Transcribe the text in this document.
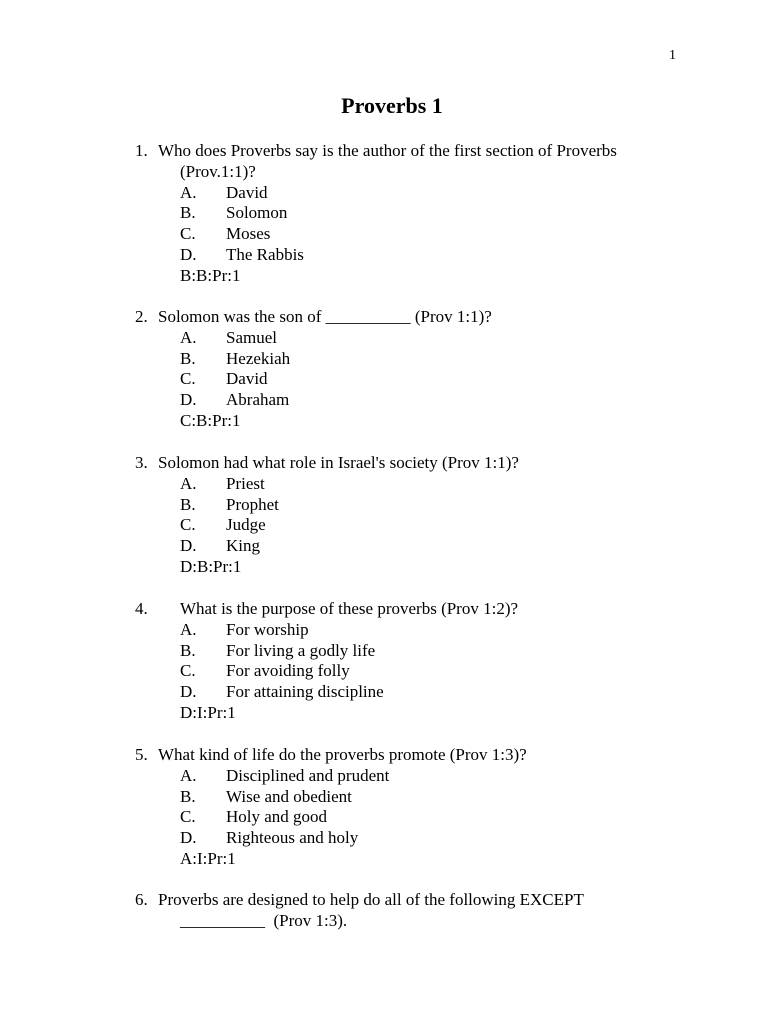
1
Proverbs 1
1. Who does Proverbs say is the author of the first section of Proverbs
(Prov.1:1)?
A. David
B. Solomon
C. Moses
D. The Rabbis
B:B:Pr:1
2. Solomon was the son of __________ (Prov 1:1)?
A. Samuel
B. Hezekiah
C. David
D. Abraham
C:B:Pr:1
3. Solomon had what role in Israel's society (Prov 1:1)?
A. Priest
B. Prophet
C. Judge
D. King
D:B:Pr:1
4. What is the purpose of these proverbs (Prov 1:2)?
A. For worship
B. For living a godly life
C. For avoiding folly
D. For attaining discipline
D:I:Pr:1
5. What kind of life do the proverbs promote (Prov 1:3)?
A. Disciplined and prudent
B. Wise and obedient
C. Holy and good
D. Righteous and holy
A:I:Pr:1
6. Proverbs are designed to help do all of the following EXCEPT
__________  (Prov 1:3).
